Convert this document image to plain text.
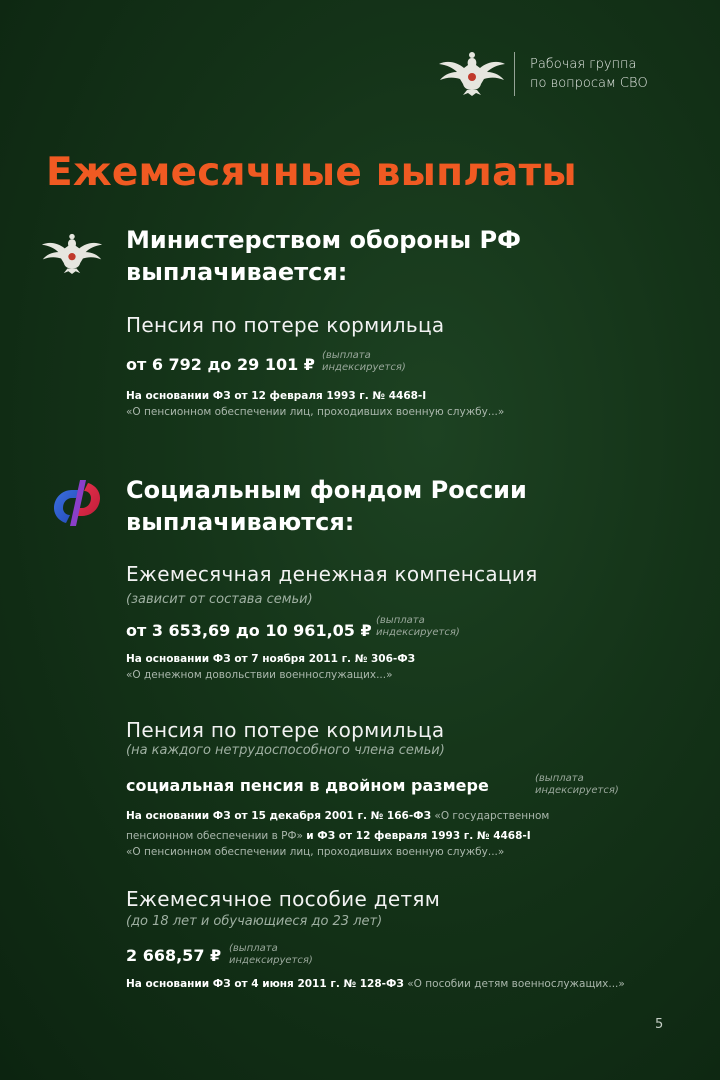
Рабочая группа
по вопросам СВО
Ежемесячные выплаты
Министерством обороны РФ
выплачивается:
Пенсия по потере кормильца
от 6 792 до 29 101 ₽ (выплата
индексируется)
На основании ФЗ от 12 февраля 1993 г. № 4468-I
«О пенсионном обеспечении лиц, проходивших военную службу...»
Социальным фондом России
выплачиваются:
Ежемесячная денежная компенсация
(зависит от состава семьи)
от 3 653,69 до 10 961,05 ₽
(выплата
индексируется)
На основании ФЗ от 7 ноября 2011 г. № 306-ФЗ
«О денежном довольствии военнослужащих...»
Пенсия по потере кормильца
(на каждого нетрудоспособного члена семьи)
социальная пенсия в двойном размере	(выплата
индексируется)
На основании ФЗ от 15 декабря 2001 г. № 166-ФЗ «О государственном
пенсионном обеспечении в РФ» и ФЗ от 12 февраля 1993 г. № 4468-I
«О пенсионном обеспечении лиц, проходивших военную службу...»
Ежемесячное пособие детям
(до 18 лет и обучающиеся до 23 лет)
2 668,57 ₽ (выплата
индексируется)
На основании ФЗ от 4 июня 2011 г. № 128-ФЗ «О пособии детям военнослужащих...»
5
